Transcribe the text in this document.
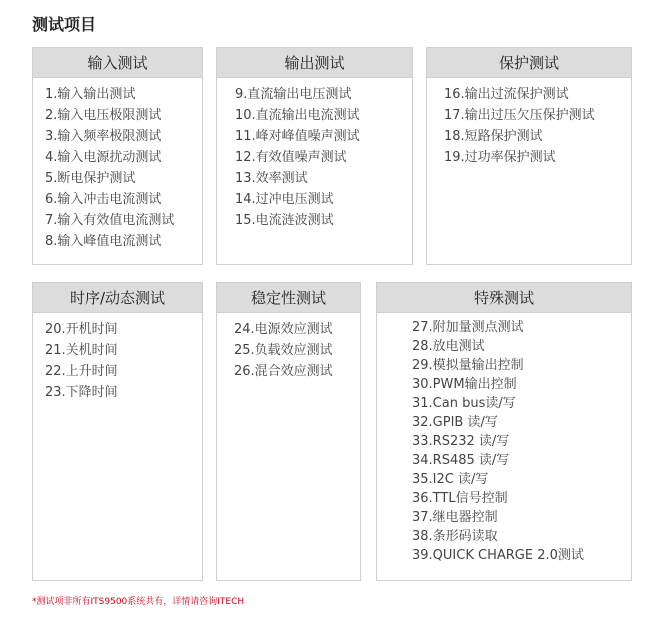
测试项目
输入测试
1.输入输出测试
2.输入电压极限测试
3.输入频率极限测试
4.输入电源扰动测试
5.断电保护测试
6.输入冲击电流测试
7.输入有效值电流测试
8.输入峰值电流测试
输出测试
9.直流输出电压测试
10.直流输出电流测试
11.峰对峰值噪声测试
12.有效值噪声测试
13.效率测试
14.过冲电压测试
15.电流涟波测试
保护测试
16.输出过流保护测试
17.输出过压欠压保护测试
18.短路保护测试
19.过功率保护测试
时序/动态测试
20.开机时间
21.关机时间
22.上升时间
23.下降时间
稳定性测试
24.电源效应测试
25.负载效应测试
26.混合效应测试
特殊测试
27.附加量测点测试
28.放电测试
29.模拟量输出控制
30.PWM输出控制
31.Can bus读/写
32.GPIB 读/写
33.RS232 读/写
34.RS485 读/写
35.I2C 读/写
36.TTL信号控制
37.继电器控制
38.条形码读取
39.QUICK CHARGE 2.0测试
*测试项非所有ITS9500系统共有，详情请咨询ITECH
